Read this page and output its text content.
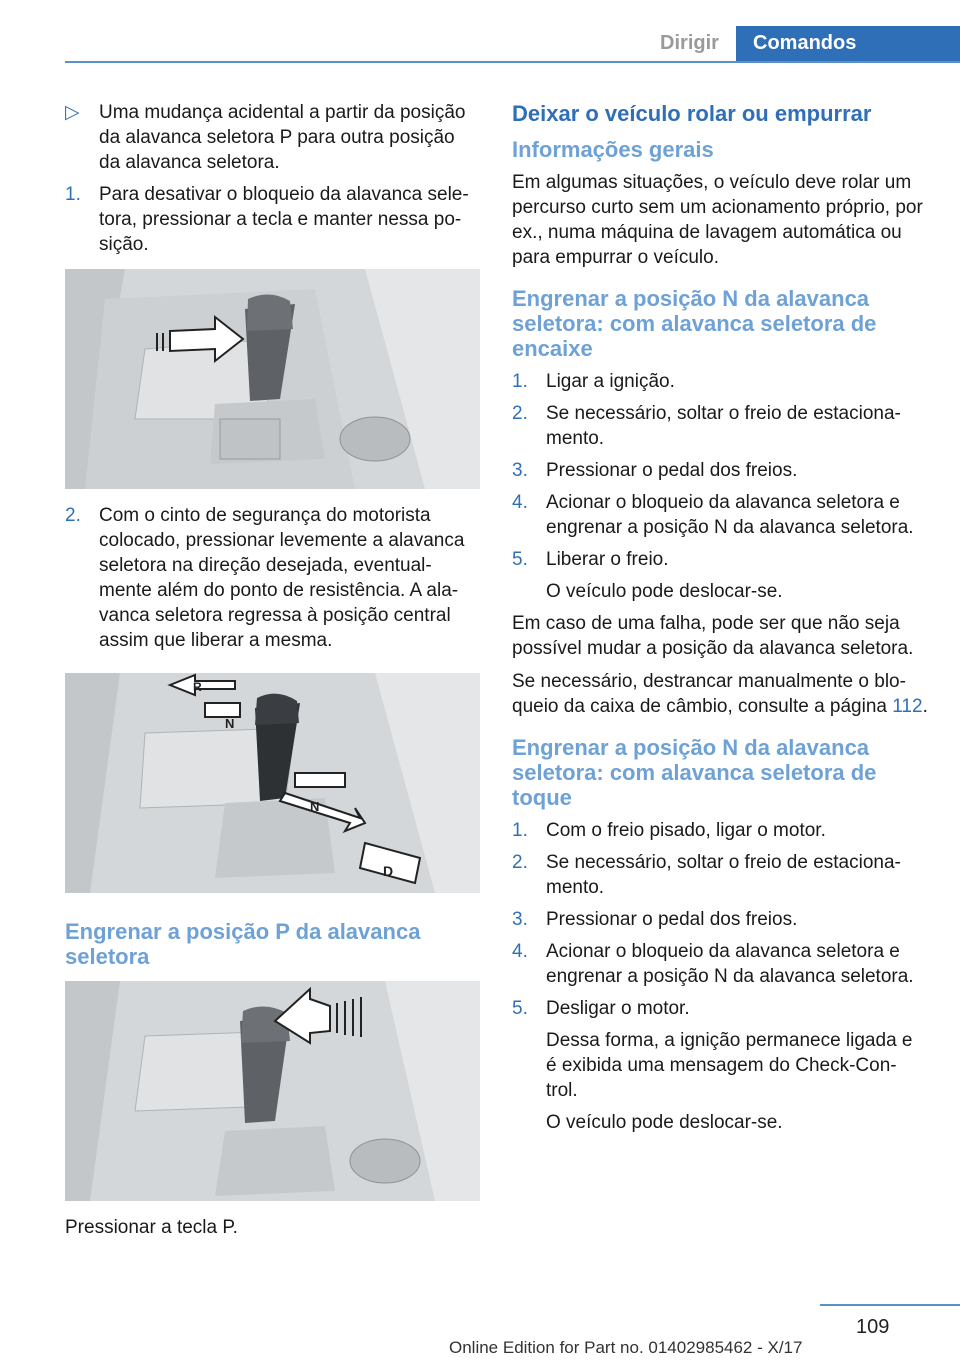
Dirigir	Comandos
▷	Uma mudança acidental a partir da posição da alavanca seletora P para outra posição da alavanca seletora.
1. Para desativar o bloqueio da alavanca sele‐tora, pressionar a tecla e manter nessa po‐sição.
2. Com o cinto de segurança do motorista colocado, pressionar levemente a alavanca seletora na direção desejada, eventual‐mente além do ponto de resistência. A ala‐vanca seletora regressa à posição central assim que liberar a mesma.
R
N
N
D
Engrenar a posição P da alavanca seletora
Pressionar a tecla P.
Deixar o veículo rolar ou empurrar
Informações gerais
Em algumas situações, o veículo deve rolar um percurso curto sem um acionamento próprio, por ex., numa máquina de lavagem automática ou para empurrar o veículo.
Engrenar a posição N da alavanca seletora: com alavanca seletora de encaixe
1. Ligar a ignição.
2. Se necessário, soltar o freio de estaciona‐mento.
3. Pressionar o pedal dos freios.
4. Acionar o bloqueio da alavanca seletora e engrenar a posição N da alavanca seletora.
5. Liberar o freio.
O veículo pode deslocar-se.
Em caso de uma falha, pode ser que não seja possível mudar a posição da alavanca seletora.
Se necessário, destrancar manualmente o blo‐queio da caixa de câmbio, consulte a página 112.
Engrenar a posição N da alavanca seletora: com alavanca seletora de toque
1. Com o freio pisado, ligar o motor.
2. Se necessário, soltar o freio de estaciona‐mento.
3. Pressionar o pedal dos freios.
4. Acionar o bloqueio da alavanca seletora e engrenar a posição N da alavanca seletora.
5. Desligar o motor.
Dessa forma, a ignição permanece ligada e é exibida uma mensagem do Check-Con‐trol.
O veículo pode deslocar-se.
109
Online Edition for Part no. 01402985462 - X/17
